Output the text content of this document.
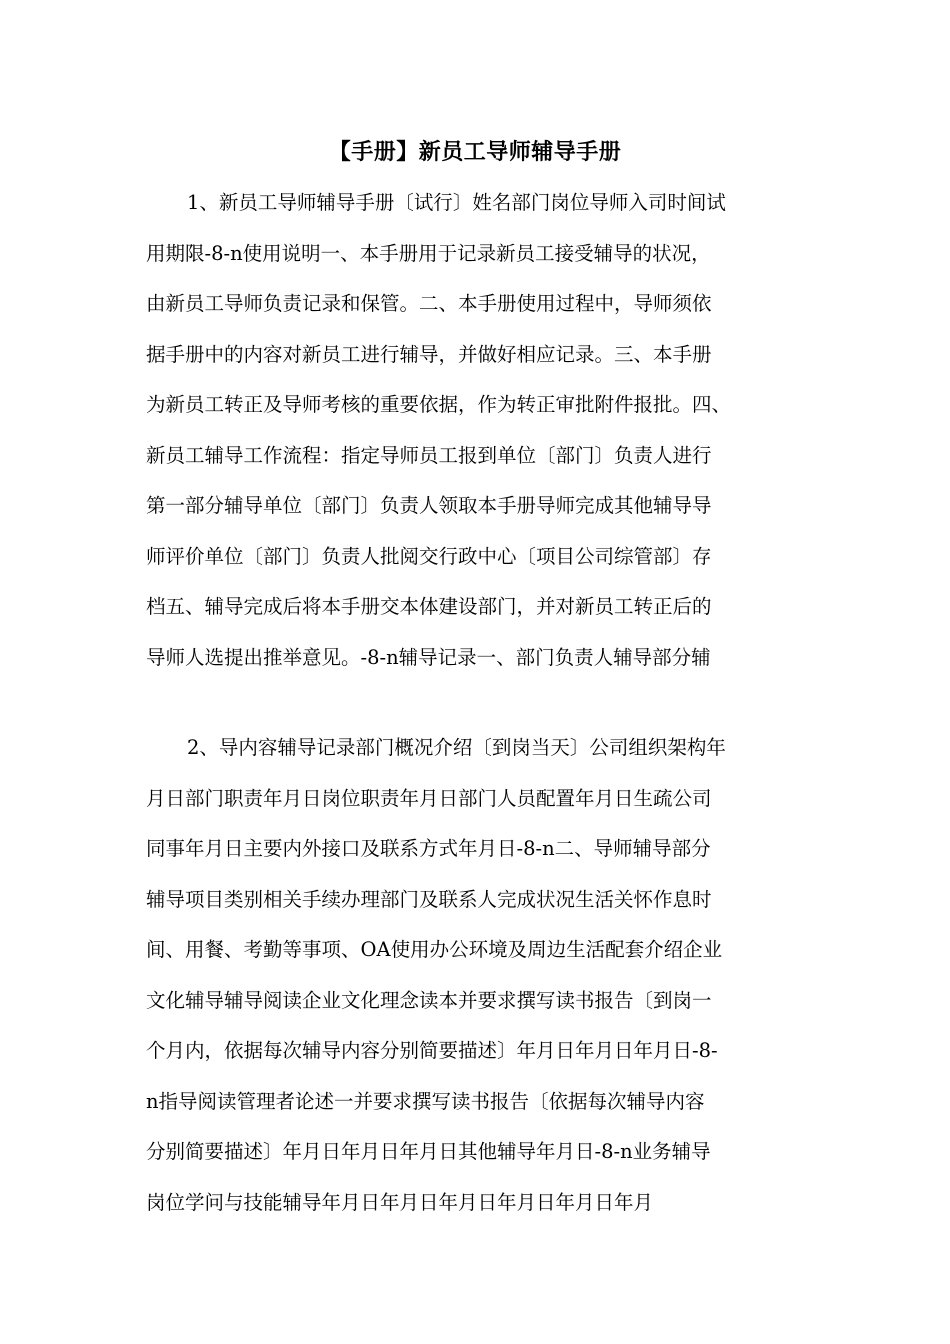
【手册】新员工导师辅导手册
1、新员工导师辅导手册〔试行〕姓名部门岗位导师入司时间试
用期限-8-n使用说明一、本手册用于记录新员工接受辅导的状况，
由新员工导师负责记录和保管。二、本手册使用过程中，导师须依
据手册中的内容对新员工进行辅导，并做好相应记录。三、本手册
为新员工转正及导师考核的重要依据，作为转正审批附件报批。四、
新员工辅导工作流程：指定导师员工报到单位〔部门〕负责人进行
第一部分辅导单位〔部门〕负责人领取本手册导师完成其他辅导导
师评价单位〔部门〕负责人批阅交行政中心〔项目公司综管部〕存
档五、辅导完成后将本手册交本体建设部门，并对新员工转正后的
导师人选提出推举意见。-8-n辅导记录一、部门负责人辅导部分辅
2、导内容辅导记录部门概况介绍〔到岗当天〕公司组织架构年
月日部门职责年月日岗位职责年月日部门人员配置年月日生疏公司
同事年月日主要内外接口及联系方式年月日-8-n二、导师辅导部分
辅导项目类别相关手续办理部门及联系人完成状况生活关怀作息时
间、用餐、考勤等事项、OA使用办公环境及周边生活配套介绍企业
文化辅导辅导阅读企业文化理念读本并要求撰写读书报告〔到岗一
个月内，依据每次辅导内容分别简要描述〕年月日年月日年月日-8-
n指导阅读管理者论述一并要求撰写读书报告〔依据每次辅导内容
分别简要描述〕年月日年月日年月日其他辅导年月日-8-n业务辅导
岗位学问与技能辅导年月日年月日年月日年月日年月日年月
